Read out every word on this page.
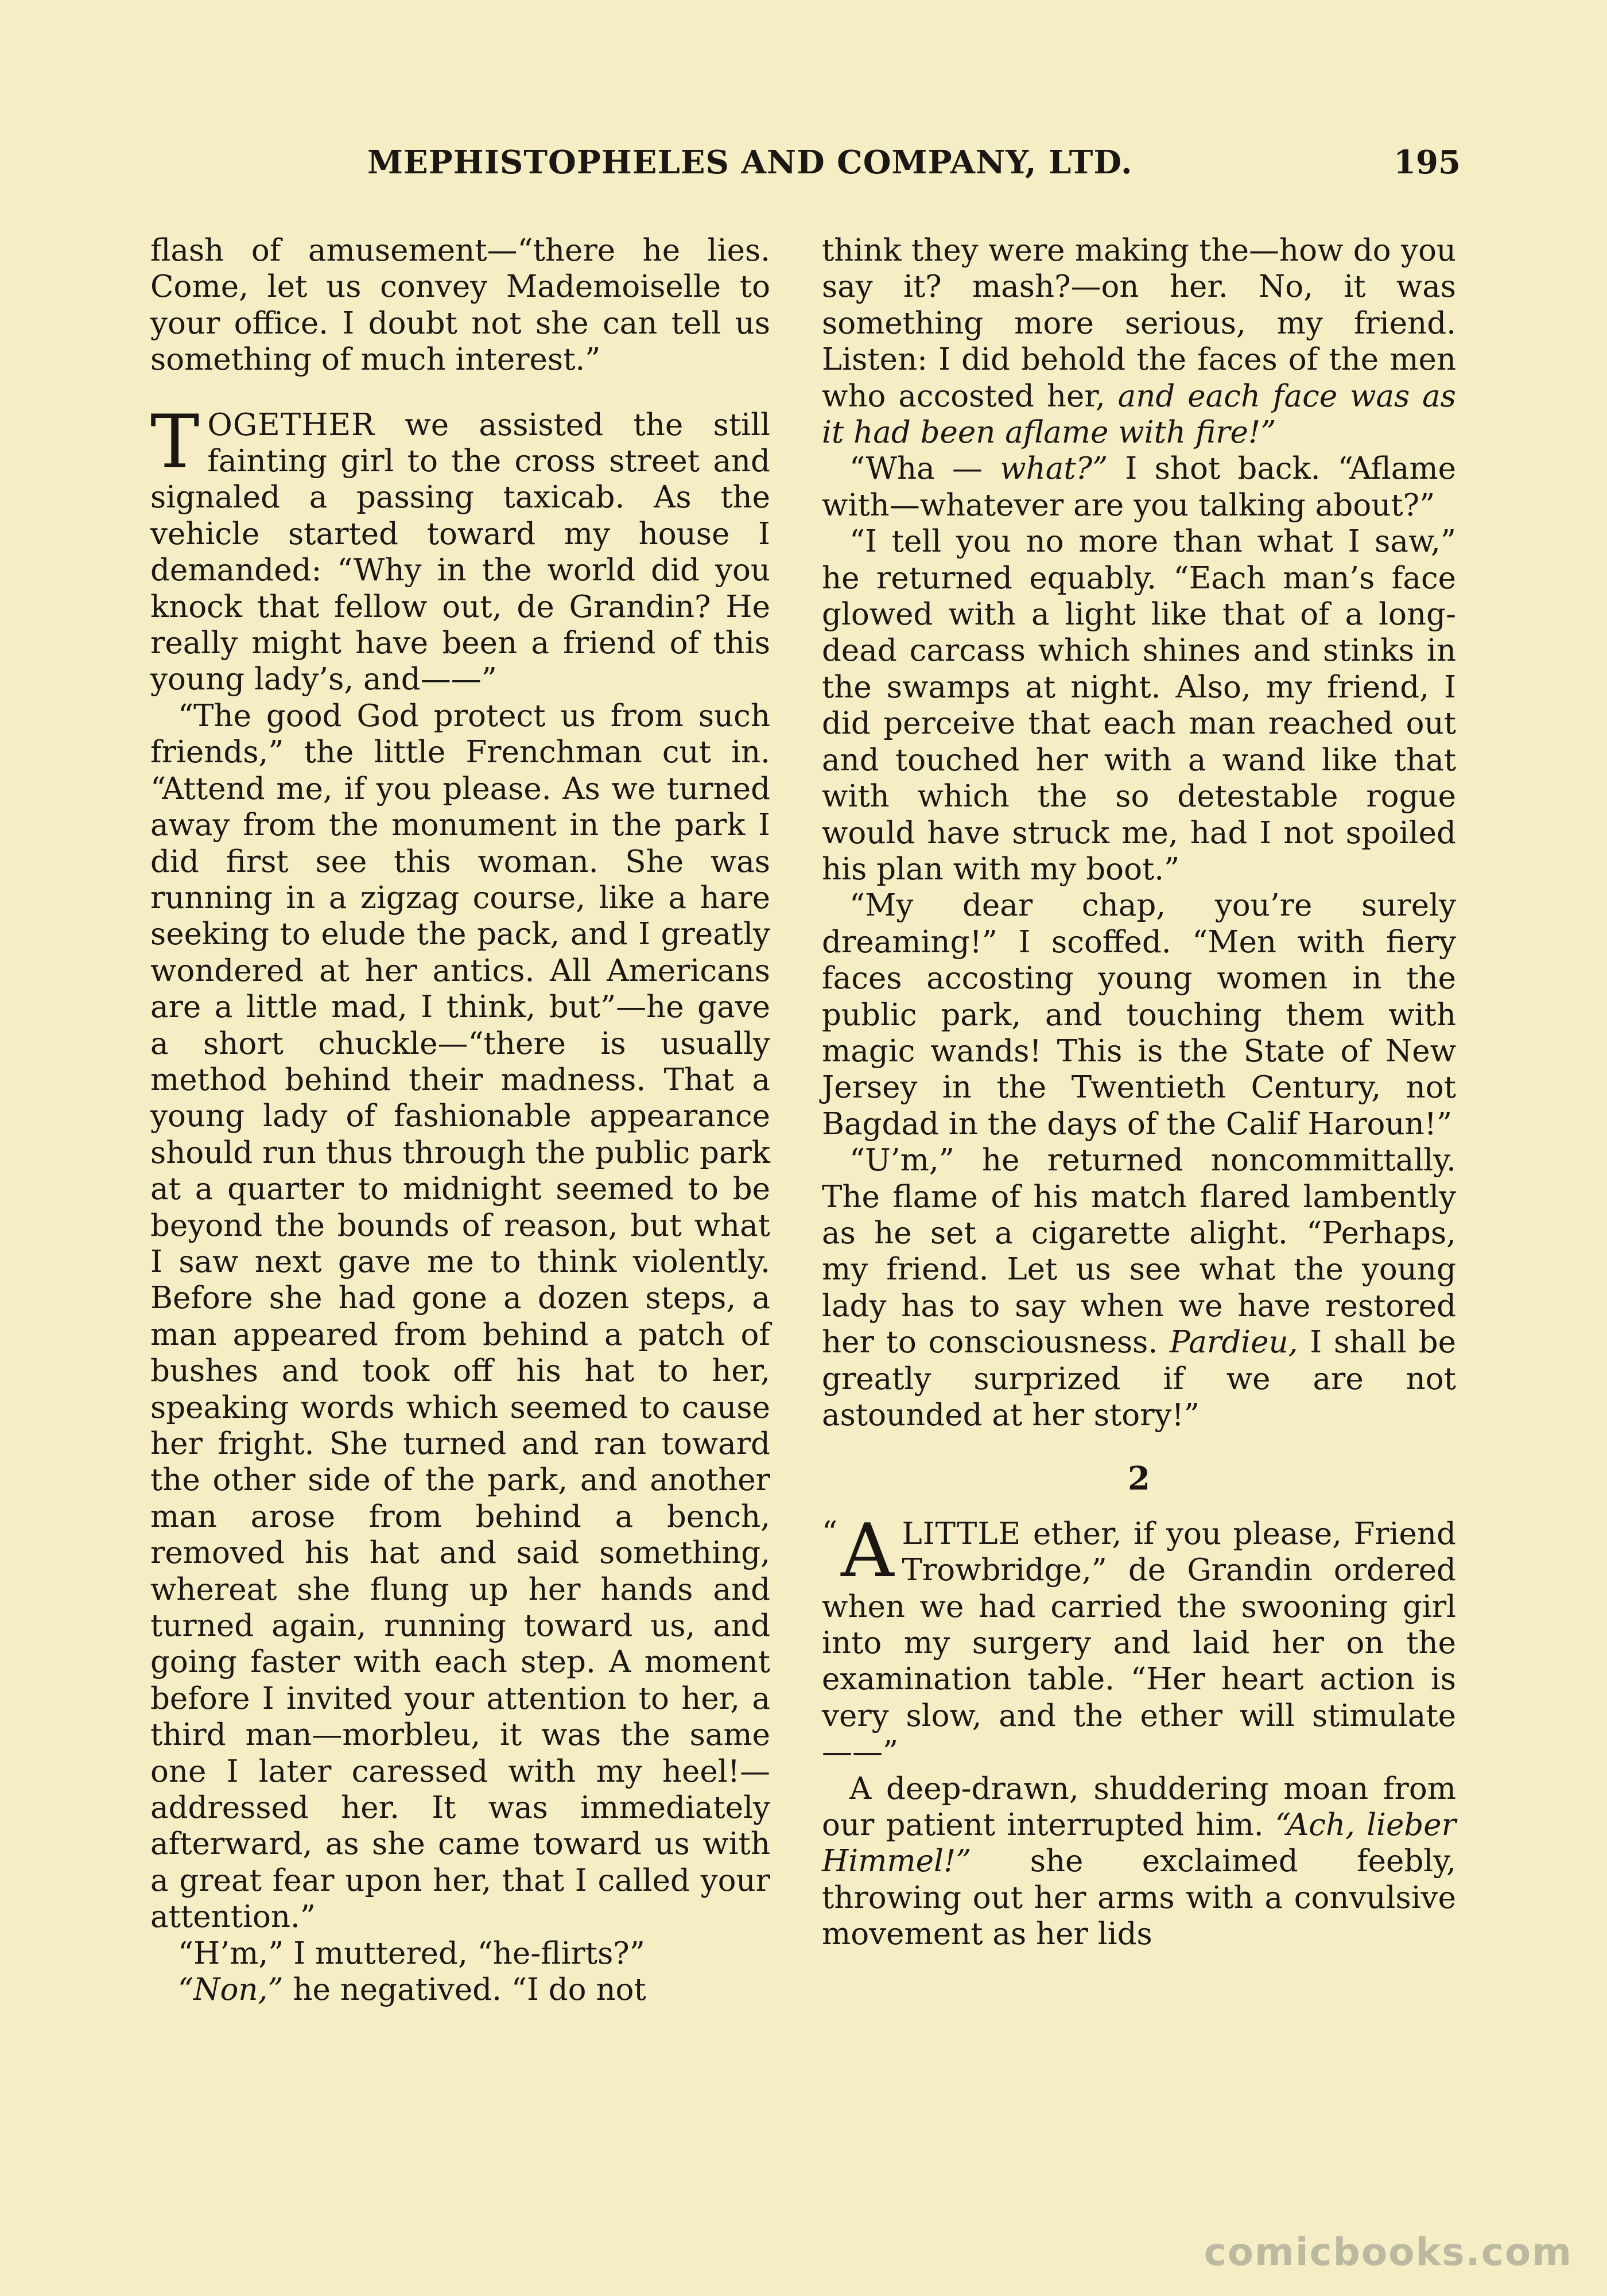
MEPHISTOPHELES AND COMPANY, LTD.	195

flash of amusement—“there he lies. Come, let us convey Mademoiselle to your office. I doubt not she can tell us something of much interest.”

TOGETHER we assisted the still fainting girl to the cross street and signaled a passing taxicab. As the vehicle started toward my house I demanded: “Why in the world did you knock that fellow out, de Grandin? He really might have been a friend of this young lady’s, and——”

“The good God protect us from such friends,” the little Frenchman cut in. “Attend me, if you please. As we turned away from the monument in the park I did first see this woman. She was running in a zigzag course, like a hare seeking to elude the pack, and I greatly wondered at her antics. All Americans are a little mad, I think, but”—he gave a short chuckle—“there is usually method behind their madness. That a young lady of fashionable appearance should run thus through the public park at a quarter to midnight seemed to be beyond the bounds of reason, but what I saw next gave me to think violently. Before she had gone a dozen steps, a man appeared from behind a patch of bushes and took off his hat to her, speaking words which seemed to cause her fright. She turned and ran toward the other side of the park, and another man arose from behind a bench, removed his hat and said something, whereat she flung up her hands and turned again, running toward us, and going faster with each step. A moment before I invited your attention to her, a third man—morbleu, it was the same one I later caressed with my heel!—addressed her. It was immediately afterward, as she came toward us with a great fear upon her, that I called your attention.”

“H’m,” I muttered, “he-flirts?”

“Non,” he negatived. “I do not

think they were making the—how do you say it? mash?—on her. No, it was something more serious, my friend. Listen: I did behold the faces of the men who accosted her, and each face was as it had been aflame with fire!”

“Wha — what?” I shot back. “Aflame with—whatever are you talking about?”

“I tell you no more than what I saw,” he returned equably. “Each man’s face glowed with a light like that of a long-dead carcass which shines and stinks in the swamps at night. Also, my friend, I did perceive that each man reached out and touched her with a wand like that with which the so detestable rogue would have struck me, had I not spoiled his plan with my boot.”

“My dear chap, you’re surely dreaming!” I scoffed. “Men with fiery faces accosting young women in the public park, and touching them with magic wands! This is the State of New Jersey in the Twentieth Century, not Bagdad in the days of the Calif Haroun!”

“U’m,” he returned noncommittally. The flame of his match flared lambently as he set a cigarette alight. “Perhaps, my friend. Let us see what the young lady has to say when we have restored her to consciousness. Pardieu, I shall be greatly surprized if we are not astounded at her story!”

2

“ A LITTLE ether, if you please, Friend Trowbridge,” de Grandin ordered when we had carried the swooning girl into my surgery and laid her on the examination table. “Her heart action is very slow, and the ether will stimulate——”

A deep-drawn, shuddering moan from our patient interrupted him. “Ach, lieber Himmel!” she exclaimed feebly, throwing out her arms with a convulsive movement as her lids

comicbooks.com
